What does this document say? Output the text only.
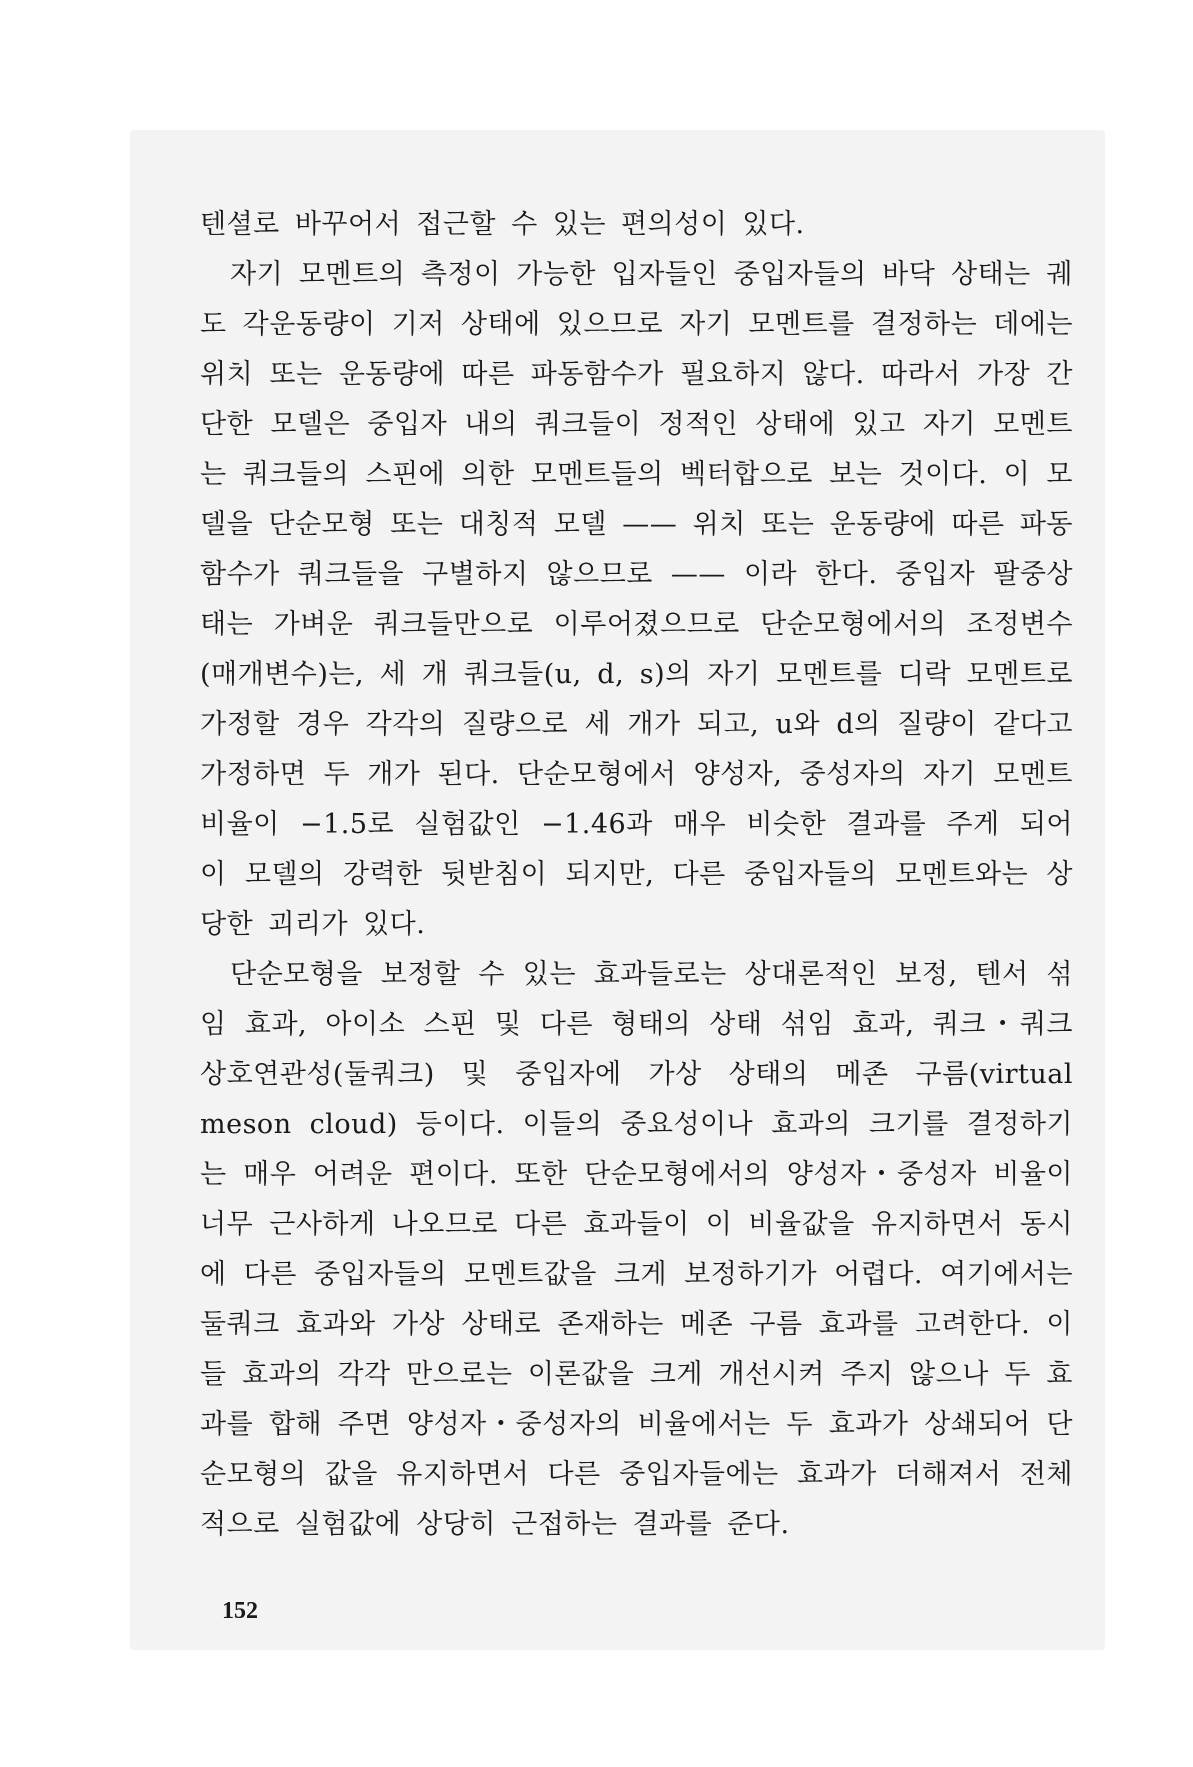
텐셜로 바꾸어서 접근할 수 있는 편의성이 있다.

자기 모멘트의 측정이 가능한 입자들인 중입자들의 바닥 상태는 궤도 각운동량이 기저 상태에 있으므로 자기 모멘트를 결정하는 데에는 위치 또는 운동량에 따른 파동함수가 필요하지 않다. 따라서 가장 간단한 모델은 중입자 내의 쿼크들이 정적인 상태에 있고 자기 모멘트는 쿼크들의 스핀에 의한 모멘트들의 벡터합으로 보는 것이다. 이 모델을 단순모형 또는 대칭적 모델 —— 위치 또는 운동량에 따른 파동함수가 쿼크들을 구별하지 않으므로 —— 이라 한다. 중입자 팔중상태는 가벼운 쿼크들만으로 이루어졌으므로 단순모형에서의 조정변수(매개변수)는, 세 개 쿼크들(u, d, s)의 자기 모멘트를 디락 모멘트로 가정할 경우 각각의 질량으로 세 개가 되고, u와 d의 질량이 같다고 가정하면 두 개가 된다. 단순모형에서 양성자, 중성자의 자기 모멘트 비율이 −1.5로 실험값인 −1.46과 매우 비슷한 결과를 주게 되어 이 모델의 강력한 뒷받침이 되지만, 다른 중입자들의 모멘트와는 상당한 괴리가 있다.

단순모형을 보정할 수 있는 효과들로는 상대론적인 보정, 텐서 섞임 효과, 아이소 스핀 및 다른 형태의 상태 섞임 효과, 쿼크・쿼크 상호연관성(둘쿼크) 및 중입자에 가상 상태의 메존 구름(virtual meson cloud) 등이다. 이들의 중요성이나 효과의 크기를 결정하기는 매우 어려운 편이다. 또한 단순모형에서의 양성자・중성자 비율이 너무 근사하게 나오므로 다른 효과들이 이 비율값을 유지하면서 동시에 다른 중입자들의 모멘트값을 크게 보정하기가 어렵다. 여기에서는 둘쿼크 효과와 가상 상태로 존재하는 메존 구름 효과를 고려한다. 이들 효과의 각각 만으로는 이론값을 크게 개선시켜 주지 않으나 두 효과를 합해 주면 양성자・중성자의 비율에서는 두 효과가 상쇄되어 단순모형의 값을 유지하면서 다른 중입자들에는 효과가 더해져서 전체적으로 실험값에 상당히 근접하는 결과를 준다.

152
